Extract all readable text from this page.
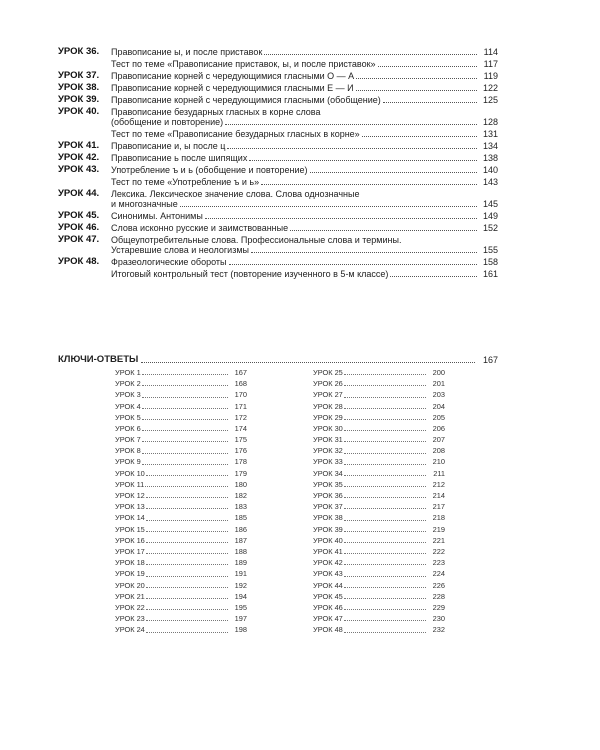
УРОК 36.	Правописание ы, и после приставок	114
Тест по теме «Правописание приставок, ы, и после приставок»	117
УРОК 37.	Правописание корней с чередующимися гласными О — А	119
УРОК 38.	Правописание корней с чередующимися гласными Е — И	122
УРОК 39.	Правописание корней с чередующимися гласными (обобщение)	125
УРОК 40.	Правописание безударных гласных в корне слова
(обобщение и повторение)	128
Тест по теме «Правописание безударных гласных в корне»	131
УРОК 41.	Правописание и, ы после ц	134
УРОК 42.	Правописание ь после шипящих	138
УРОК 43.	Употребление ъ и ь (обобщение и повторение)	140
Тест по теме «Употребление ъ и ь»	143
УРОК 44.	Лексика. Лексическое значение слова. Слова однозначные
и многозначные	145
УРОК 45.	Синонимы. Антонимы	149
УРОК 46.	Слова исконно русские и заимствованные	152
УРОК 47.	Общеупотребительные слова. Профессиональные слова и термины.
Устаревшие слова и неологизмы	155
УРОК 48.	Фразеологические обороты	158
Итоговый контрольный тест (повторение изученного в 5-м классе)	161
КЛЮЧИ-ОТВЕТЫ	167
УРОК 1	167
УРОК 2	168
УРОК 3	170
УРОК 4	171
УРОК 5	172
УРОК 6	174
УРОК 7	175
УРОК 8	176
УРОК 9	178
УРОК 10	179
УРОК 11	180
УРОК 12	182
УРОК 13	183
УРОК 14	185
УРОК 15	186
УРОК 16	187
УРОК 17	188
УРОК 18	189
УРОК 19	191
УРОК 20	192
УРОК 21	194
УРОК 22	195
УРОК 23	197
УРОК 24	198
УРОК 25	200
УРОК 26	201
УРОК 27	203
УРОК 28	204
УРОК 29	205
УРОК 30	206
УРОК 31	207
УРОК 32	208
УРОК 33	210
УРОК 34	211
УРОК 35	212
УРОК 36	214
УРОК 37	217
УРОК 38	218
УРОК 39	219
УРОК 40	221
УРОК 41	222
УРОК 42	223
УРОК 43	224
УРОК 44	226
УРОК 45	228
УРОК 46	229
УРОК 47	230
УРОК 48	232
